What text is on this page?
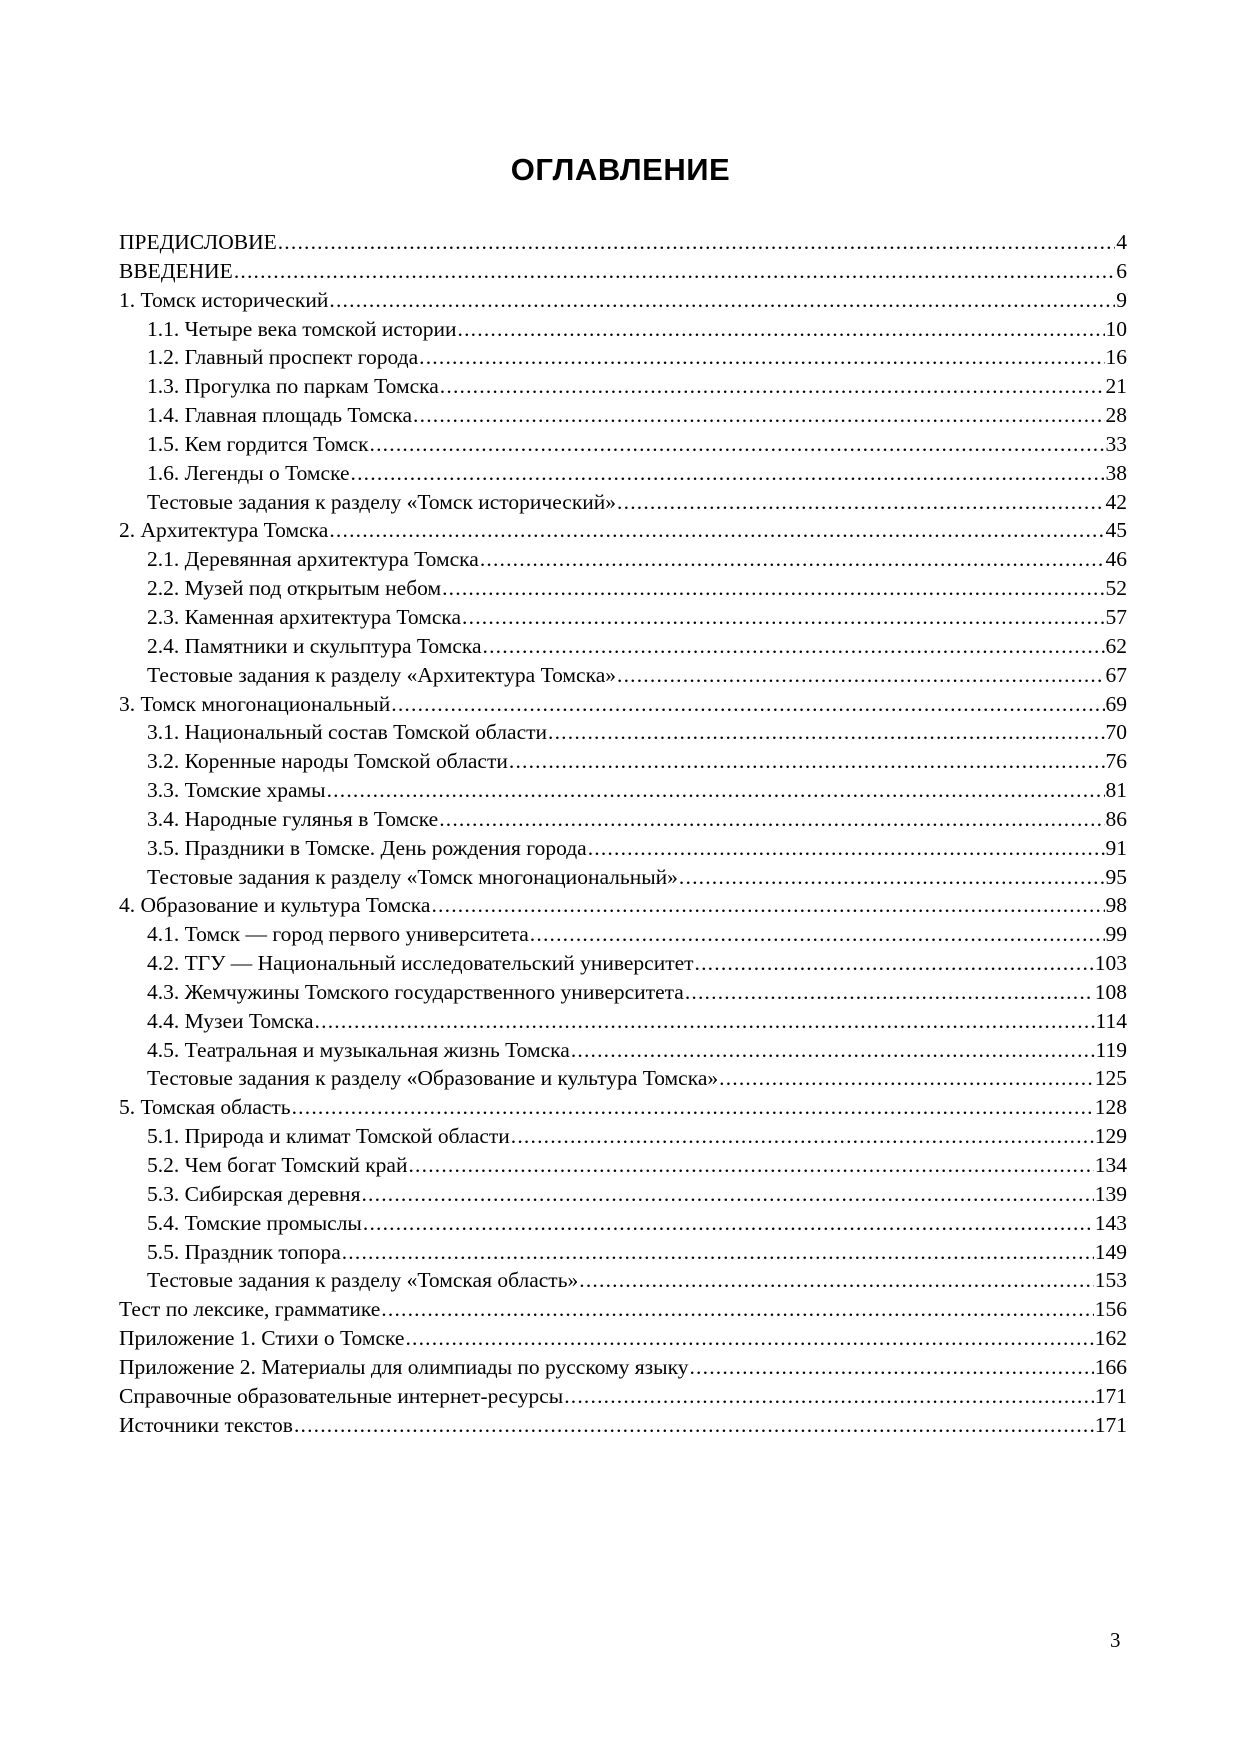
ОГЛАВЛЕНИЕ
ПРЕДИСЛОВИЕ .....	4
ВВЕДЕНИЕ .....	6
1. Томск исторический .....	9
1.1. Четыре века томской истории .....	10
1.2. Главный проспект города .....	16
1.3. Прогулка по паркам Томска .....	21
1.4. Главная площадь Томска .....	28
1.5. Кем гордится Томск .....	33
1.6. Легенды о Томске .....	38
Тестовые задания к разделу «Томск исторический» .....	42
2. Архитектура Томска .....	45
2.1. Деревянная архитектура Томска .....	46
2.2. Музей под открытым небом .....	52
2.3. Каменная архитектура Томска .....	57
2.4. Памятники и скульптура Томска .....	62
Тестовые задания к разделу «Архитектура Томска» .....	67
3. Томск многонациональный .....	69
3.1. Национальный состав Томской области .....	70
3.2. Коренные народы Томской области .....	76
3.3. Томские храмы .....	81
3.4. Народные гулянья в Томске .....	86
3.5. Праздники в Томске. День рождения города .....	91
Тестовые задания к разделу «Томск многонациональный» .....	95
4. Образование и культура Томска .....	98
4.1. Томск — город первого университета .....	99
4.2. ТГУ — Национальный исследовательский университет .....	103
4.3. Жемчужины Томского государственного университета .....	108
4.4. Музеи Томска .....	114
4.5. Театральная и музыкальная жизнь Томска .....	119
Тестовые задания к разделу «Образование и культура Томска» .....	125
5. Томская область .....	128
5.1. Природа и климат Томской области .....	129
5.2. Чем богат Томский край .....	134
5.3. Сибирская деревня .....	139
5.4. Томские промыслы .....	143
5.5. Праздник топора .....	149
Тестовые задания к разделу «Томская область» .....	153
Тест по лексике, грамматике .....	156
Приложение 1. Стихи о Томске .....	162
Приложение 2. Материалы для олимпиады по русскому языку .....	166
Справочные образовательные интернет-ресурсы .....	171
Источники текстов .....	171
3
